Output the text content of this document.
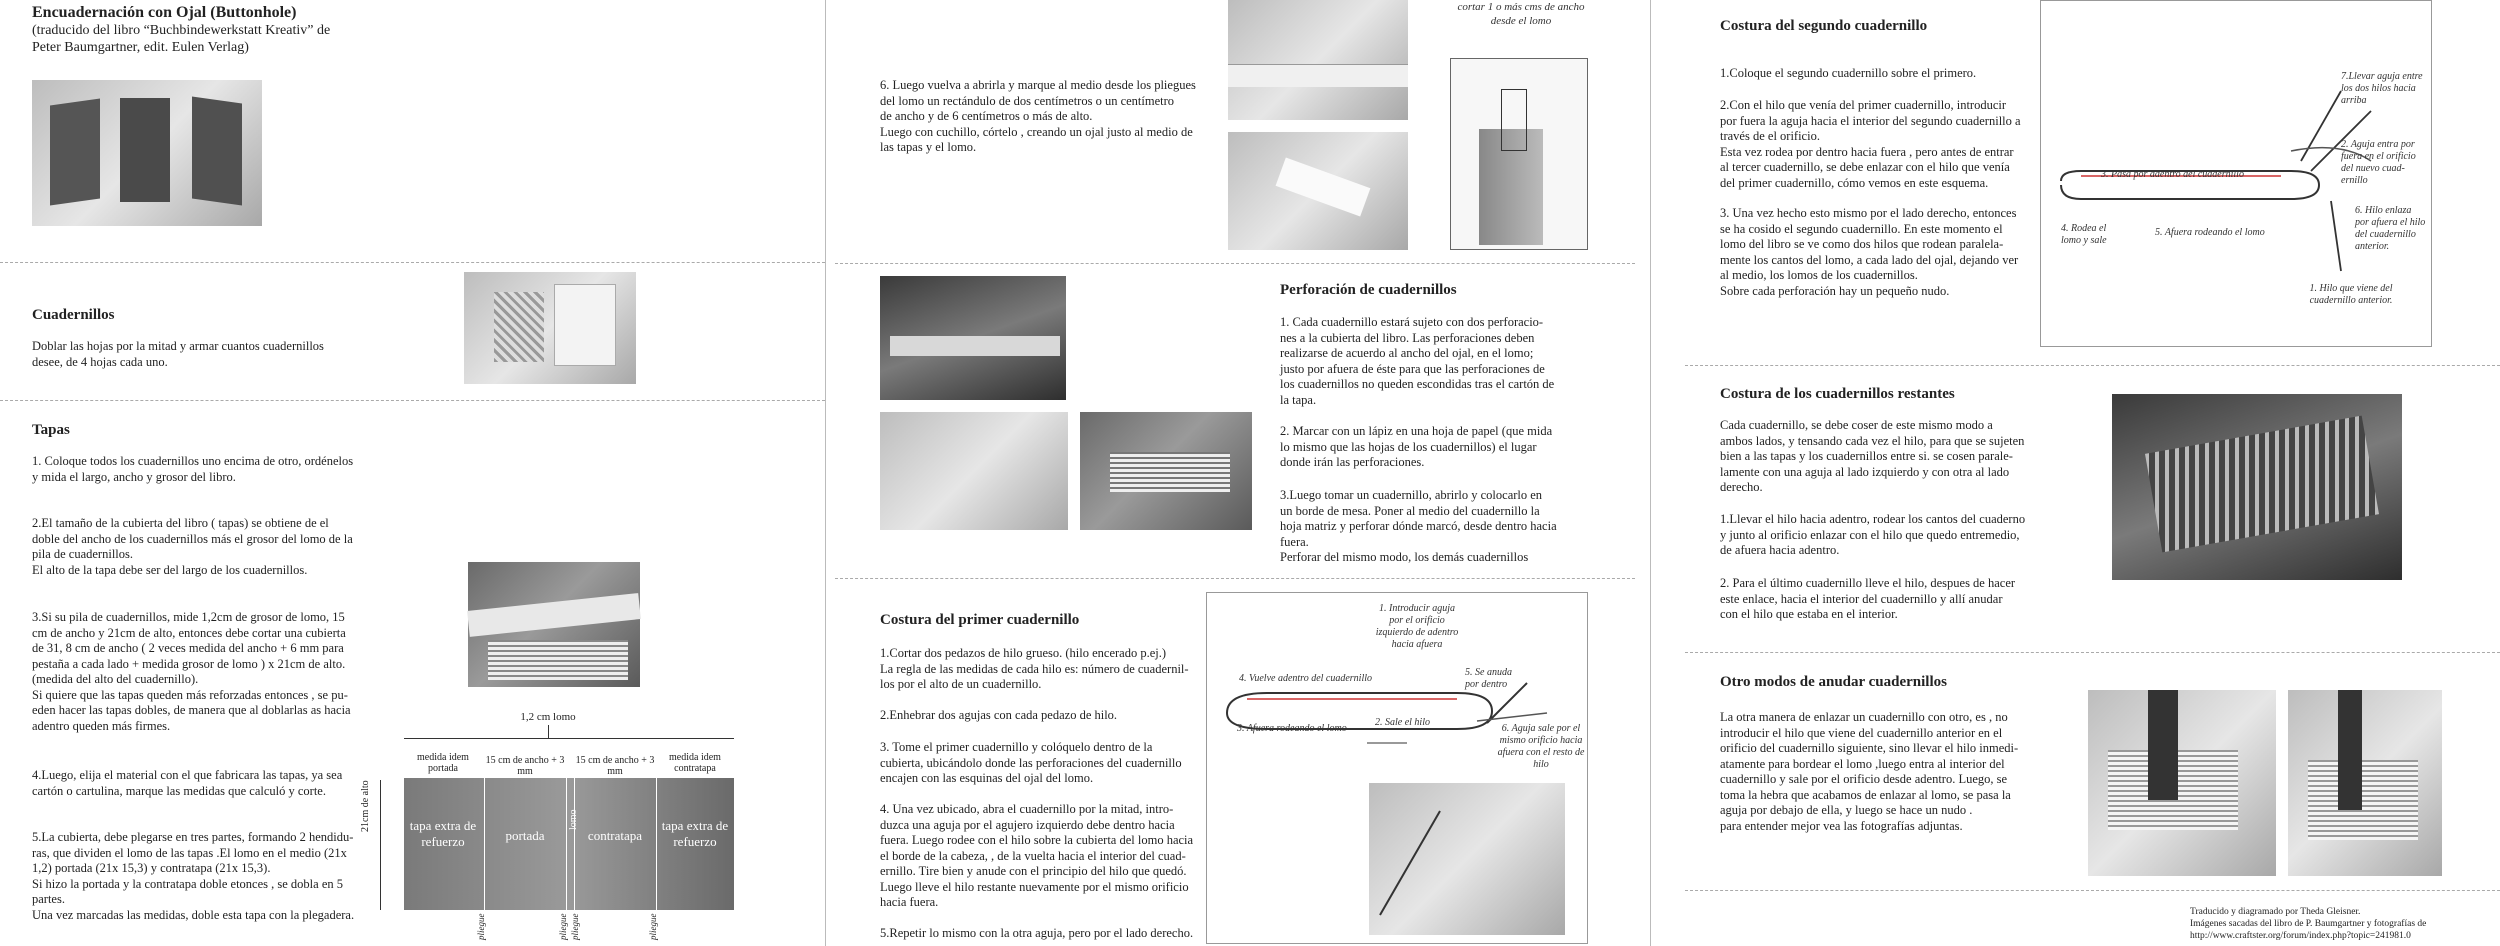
Encuadernación con Ojal (Buttonhole)
(traducido del libro “Buchbindewerkstatt Kreativ” de
Peter Baumgartner, edit. Eulen Verlag)
Cuadernillos
Doblar las hojas por la mitad y armar cuantos cuadernillos
desee, de 4 hojas cada uno.
Tapas
1. Coloque todos los cuadernillos uno encima de otro, ordénelos
y mida el largo, ancho y grosor del libro.
2.El tamaño de la cubierta del libro ( tapas) se obtiene de el
doble del ancho de los cuadernillos más el grosor del lomo de la
pila de cuadernillos.
El alto de la tapa debe ser del largo de los cuadernillos.
3.Si su pila de cuadernillos, mide 1,2cm de grosor de lomo, 15
cm de ancho y 21cm de alto, entonces debe cortar una cubierta
de 31, 8 cm de ancho ( 2 veces medida del ancho + 6 mm para
pestaña a cada lado + medida grosor de lomo ) x 21cm de alto.
(medida del alto del cuadernillo).
Si quiere que las tapas queden más reforzadas entonces , se pu-
eden hacer las tapas dobles, de manera que al doblarlas as hacia
adentro queden más firmes.
4.Luego, elija el material con el que fabricara las tapas, ya sea
cartón o cartulina, marque las medidas que calculó y corte.
5.La cubierta, debe plegarse en tres partes, formando 2 hendidu-
ras, que dividen el lomo de las tapas .El lomo en el medio (21x
1,2) portada (21x 15,3) y contratapa (21x 15,3).
Si hizo la portada y la contratapa doble etonces , se dobla en 5
partes.
Una vez marcadas las medidas, doble esta tapa con la plegadera.
1,2 cm lomo
medida idem portada
15 cm de ancho + 3 mm
15 cm de ancho + 3 mm
medida idem contratapa
21cm de alto	tapa extra de refuerzo	portada
lomo
contratapa
tapa extra de refuerzo
pliegue	pliegue pliegue	pliegue
cortar 1 o más cms de ancho
desde el lomo
6. Luego vuelva a abrirla y marque al medio desde los pliegues
del lomo un rectándulo de dos centímetros o un centímetro
de ancho y de 6 centímetros o más de alto.
Luego con cuchillo, córtelo , creando un ojal justo al medio de
las tapas y el lomo.
Perforación de cuadernillos
1. Cada cuadernillo estará sujeto con dos perforacio-
nes a la cubierta del libro. Las perforaciones deben
realizarse de acuerdo al ancho del ojal, en el lomo;
justo por afuera de éste para que las perforaciones de
los cuadernillos no queden escondidas tras el cartón de
la tapa.
2. Marcar con un lápiz en una hoja de papel (que mida
lo mismo que las hojas de los cuadernillos) el lugar
donde irán las perforaciones.
3.Luego tomar un cuadernillo, abrirlo y colocarlo en
un borde de mesa. Poner al medio del cuadernillo la
hoja matriz y perforar dónde marcó, desde dentro hacia
fuera.
Perforar del mismo modo, los demás cuadernillos
Costura del primer cuadernillo
1.Cortar dos pedazos de hilo grueso. (hilo encerado p.ej.)
La regla de las medidas de cada hilo es: número de cuadernil-
los por el alto de un cuadernillo.
2.Enhebrar dos agujas con cada pedazo de hilo.
3. Tome el primer cuadernillo y colóquelo dentro de la
cubierta, ubicándolo donde las perforaciones del cuadernillo
encajen con las esquinas del ojal del lomo.
4. Una vez ubicado, abra el cuadernillo por la mitad, intro-
duzca una aguja por el agujero izquierdo debe dentro hacia
fuera. Luego rodee con el hilo sobre la cubierta del lomo hacia
el borde de la cabeza, , de la vuelta hacia el interior del cuad-
ernillo. Tire bien y anude con el principio del hilo que quedó.
Luego lleve el hilo restante nuevamente por el mismo orificio
hacia fuera.
5.Repetir lo mismo con la otra aguja, pero por el lado derecho.
1. Introducir aguja
por el orificio
izquierdo de adentro
hacia afuera
4. Vuelve adentro del cuadernillo
5. Se anuda
por dentro
2. Sale el hilo
3. Afuera rodeando el lomo	6. Aguja sale por el
mismo orificio hacia
afuera con el resto de hilo
Costura del segundo cuadernillo
1.Coloque el segundo cuadernillo sobre el primero.
2.Con el hilo que venía del primer cuadernillo, introducir
por fuera la aguja hacia el interior del segundo cuadernillo a
través de el orificio.
Esta vez rodea por dentro hacia fuera , pero antes de entrar
al tercer cuadernillo, se debe enlazar con el hilo que venía
del primer cuadernillo, cómo vemos en este esquema.
3. Una vez hecho esto mismo por el lado derecho, entonces
se ha cosido el segundo cuadernillo. En este momento el
lomo del libro se ve como dos hilos que rodean paralela-
mente los cantos del lomo, a cada lado del ojal, dejando ver
al medio, los lomos de los cuadernillos.
Sobre cada perforación hay un pequeño nudo.
7.Llevar aguja entre
los dos hilos hacia
arriba
2. Aguja entra por
fuera en el orificio
del nuevo cuad-
ernillo
3. Pasa por adentro del cuadernillo
4. Rodea el
lomo y sale
5. Afuera rodeando el lomo
6. Hilo enlaza
por afuera el hilo
del cuadernillo
anterior.
1. Hilo que viene del
cuadernillo anterior.
Costura de los cuadernillos restantes
Cada cuadernillo, se debe coser de este mismo modo a
ambos lados, y tensando cada vez el hilo, para que se sujeten
bien a las tapas y los cuadernillos entre si. se cosen parale-
lamente con una aguja al lado izquierdo y con otra al lado
derecho.
1.Llevar el hilo hacia adentro, rodear los cantos del cuaderno
y junto al orificio enlazar con el hilo que quedo entremedio,
de afuera hacia adentro.
2. Para el último cuadernillo lleve el hilo, despues de hacer
este enlace, hacia el interior del cuadernillo y allí anudar
con el hilo que estaba en el interior.
Otro modos de anudar cuadernillos
La otra manera de enlazar un cuadernillo con otro, es , no
introducir el hilo que viene del cuadernillo anterior en el
orificio del cuadernillo siguiente, sino llevar el hilo inmedi-
atamente para bordear el lomo ,luego entra al interior del
cuadernillo y sale por el orificio desde adentro. Luego, se
toma la hebra que acabamos de enlazar al lomo, se pasa la
aguja por debajo de ella, y luego se hace un nudo .
para entender mejor vea las fotografías adjuntas.
Traducido y diagramado por Theda Gleisner.
Imágenes sacadas del libro de P. Baumgartner y fotografías de
http://www.craftster.org/forum/index.php?topic=241981.0
